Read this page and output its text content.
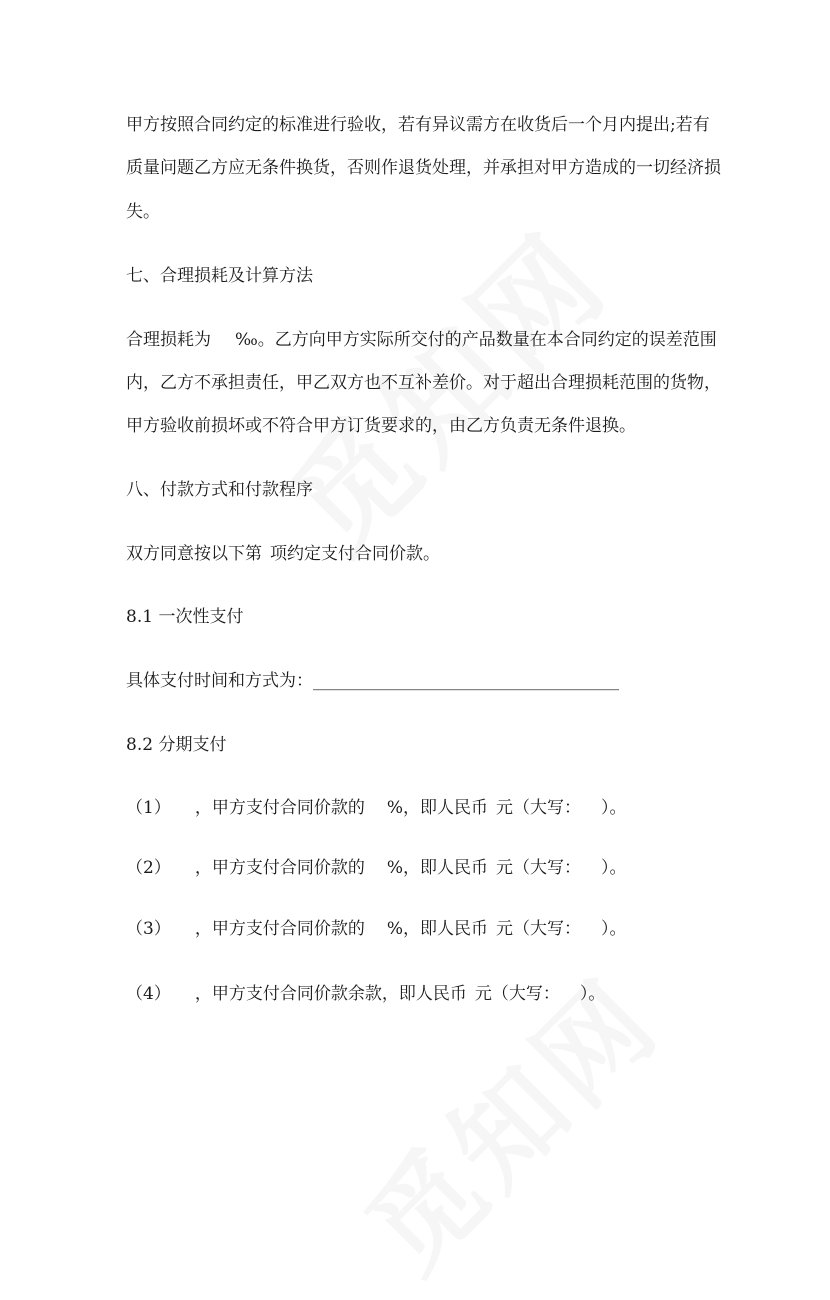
甲方按照合同约定的标准进行验收，若有异议需方在收货后一个月内提出;若有

质量问题乙方应无条件换货，否则作退货处理，并承担对甲方造成的一切经济损

失。

七、合理损耗及计算方法

合理损耗为 ‰。乙方向甲方实际所交付的产品数量在本合同约定的误差范围

内，乙方不承担责任，甲乙双方也不互补差价。对于超出合理损耗范围的货物，

甲方验收前损坏或不符合甲方订货要求的，由乙方负责无条件退换。

八、付款方式和付款程序

双方同意按以下第 项约定支付合同价款。

8.1 一次性支付

具体支付时间和方式为：____________________________________

8.2 分期支付

（1） ，甲方支付合同价款的 %，即人民币 元（大写： ）。

（2） ，甲方支付合同价款的 %，即人民币 元（大写： ）。

（3） ，甲方支付合同价款的 %，即人民币 元（大写： ）。

（4） ，甲方支付合同价款余款，即人民币 元（大写： ）。
